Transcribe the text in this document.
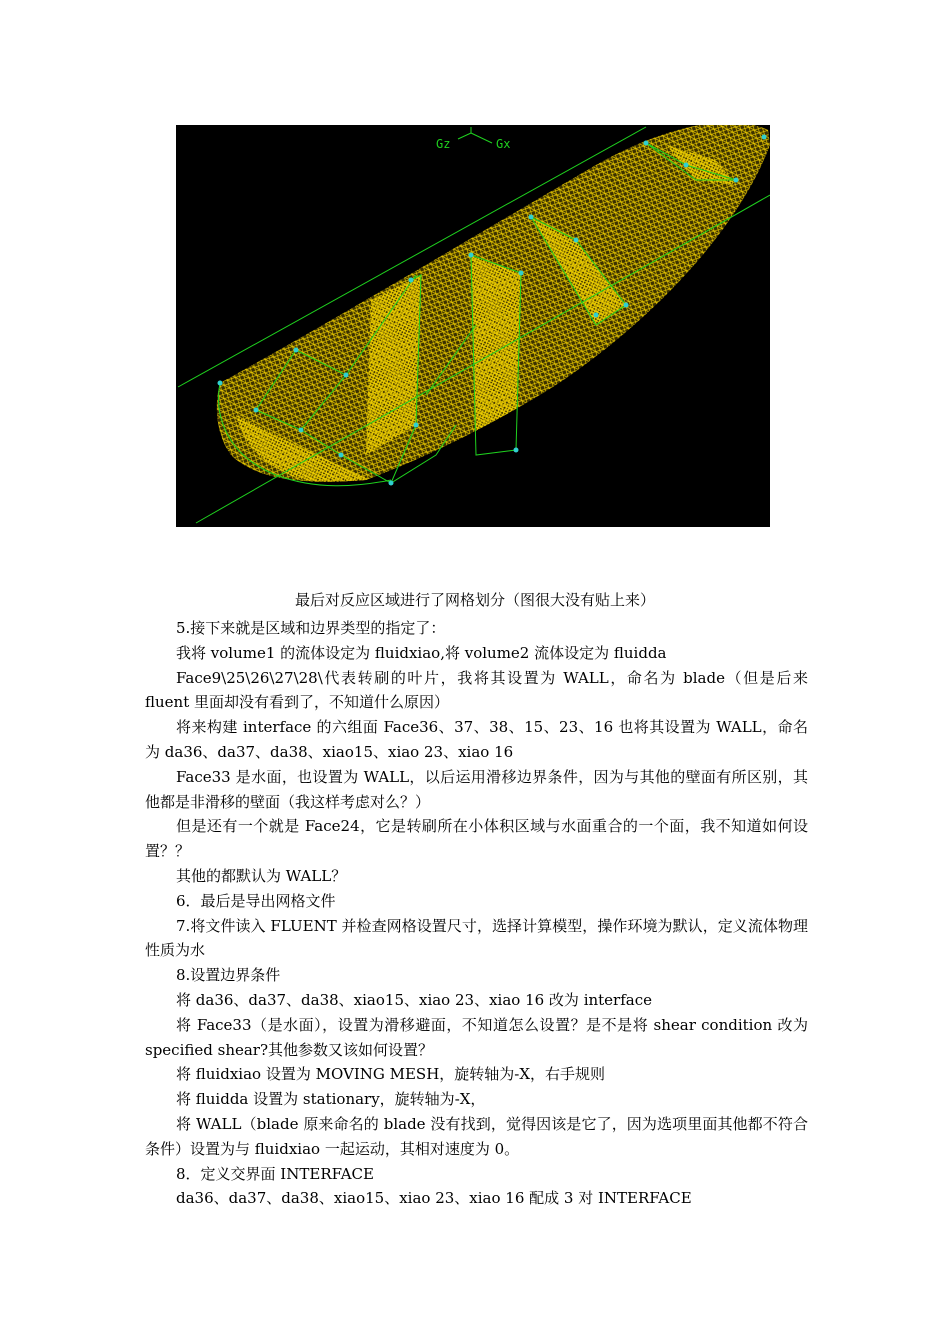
Gz	Gx
最后对反应区域进行了网格划分（图很大没有贴上来）

5.接下来就是区域和边界类型的指定了：

我将 volume1 的流体设定为 fluidxiao,将 volume2 流体设定为 fluidda

Face9\25\26\27\28\代表转刷的叶片，我将其设置为 WALL，命名为 blade（但是后来 fluent 里面却没有看到了，不知道什么原因）

将来构建 interface 的六组面 Face36、37、38、15、23、16 也将其设置为 WALL，命名为 da36、da37、da38、xiao15、xiao 23、xiao 16

Face33 是水面，也设置为 WALL，以后运用滑移边界条件，因为与其他的壁面有所区别，其他都是非滑移的壁面（我这样考虑对么？）

但是还有一个就是 Face24，它是转刷所在小体积区域与水面重合的一个面，我不知道如何设置？？

其他的都默认为 WALL？

6．最后是导出网格文件

7.将文件读入 FLUENT 并检查网格设置尺寸，选择计算模型，操作环境为默认，定义流体物理性质为水

8.设置边界条件

将 da36、da37、da38、xiao15、xiao 23、xiao 16 改为 interface

将 Face33（是水面），设置为滑移避面，不知道怎么设置？是不是将 shear condition 改为 specified shear?其他参数又该如何设置？

将 fluidxiao 设置为 MOVING MESH，旋转轴为-X，右手规则

将 fluidda 设置为 stationary，旋转轴为-X，

将 WALL（blade 原来命名的 blade 没有找到，觉得因该是它了，因为选项里面其他都不符合条件）设置为与 fluidxiao 一起运动，其相对速度为 0。

8．定义交界面 INTERFACE

da36、da37、da38、xiao15、xiao 23、xiao 16 配成 3 对 INTERFACE
